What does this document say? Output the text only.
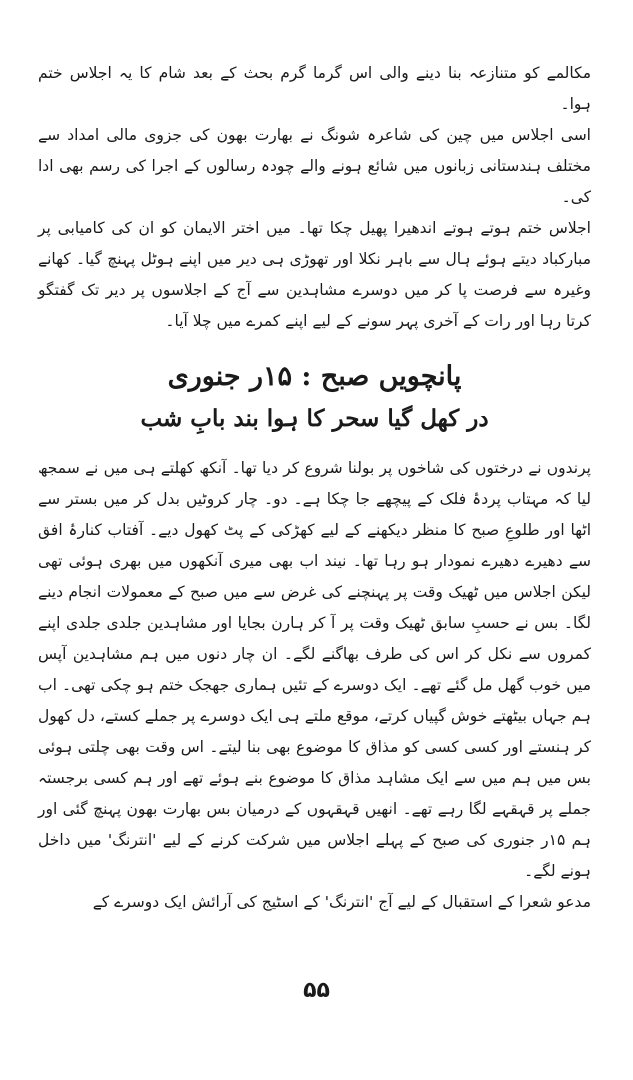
مکالمے کو متنازعہ بنا دینے والی اس گرما گرم بحث کے بعد شام کا یہ اجلاس ختم ہوا۔

اسی اجلاس میں چین کی شاعرہ شونگ نے بھارت بھون کی جزوی مالی امداد سے مختلف ہندستانی زبانوں میں شائع ہونے والے چودہ رسالوں کے اجرا کی رسم بھی ادا کی۔

اجلاس ختم ہوتے ہوتے اندھیرا پھیل چکا تھا۔ میں اختر الایمان کو ان کی کامیابی پر مبارکباد دیتے ہوئے ہال سے باہر نکلا اور تھوڑی ہی دیر میں اپنے ہوٹل پہنچ گیا۔ کھانے وغیرہ سے فرصت پا کر میں دوسرے مشاہدین سے آج کے اجلاسوں پر دیر تک گفتگو کرتا رہا اور رات کے آخری پہر سونے کے لیے اپنے کمرے میں چلا آیا۔

پانچویں صبح : ۱۵ر جنوری

در کھل گیا سحر کا ہوا بند بابِ شب

پرندوں نے درختوں کی شاخوں پر بولنا شروع کر دیا تھا۔ آنکھ کھلتے ہی میں نے سمجھ لیا کہ مہتاب پردۂ فلک کے پیچھے جا چکا ہے۔ دو۔ چار کروٹیں بدل کر میں بستر سے اٹھا اور طلوعِ صبح کا منظر دیکھنے کے لیے کھڑکی کے پٹ کھول دیے۔ آفتاب کنارۂ افق سے دھیرے دھیرے نمودار ہو رہا تھا۔ نیند اب بھی میری آنکھوں میں بھری ہوئی تھی لیکن اجلاس میں ٹھیک وقت پر پہنچنے کی غرض سے میں صبح کے معمولات انجام دینے لگا۔ بس نے حسبِ سابق ٹھیک وقت پر آ کر ہارن بجایا اور مشاہدین جلدی جلدی اپنے کمروں سے نکل کر اس کی طرف بھاگنے لگے۔ ان چار دنوں میں ہم مشاہدین آپس میں خوب گھل مل گئے تھے۔ ایک دوسرے کے تئیں ہماری جھجک ختم ہو چکی تھی۔ اب ہم جہاں بیٹھتے خوش گپیاں کرتے، موقع ملتے ہی ایک دوسرے پر جملے کستے، دل کھول کر ہنستے اور کسی کسی کو مذاق کا موضوع بھی بنا لیتے۔ اس وقت بھی چلتی ہوئی بس میں ہم میں سے ایک مشاہد مذاق کا موضوع بنے ہوئے تھے اور ہم کسی برجستہ جملے پر قہقہے لگا رہے تھے۔ انھیں قہقہوں کے درمیان بس بھارت بھون پہنچ گئی اور ہم ۱۵ر جنوری کی صبح کے پہلے اجلاس میں شرکت کرنے کے لیے 'انترنگ' میں داخل ہونے لگے۔

مدعو شعرا کے استقبال کے لیے آج 'انترنگ' کے اسٹیج کی آرائش ایک دوسرے کے

۵۵
